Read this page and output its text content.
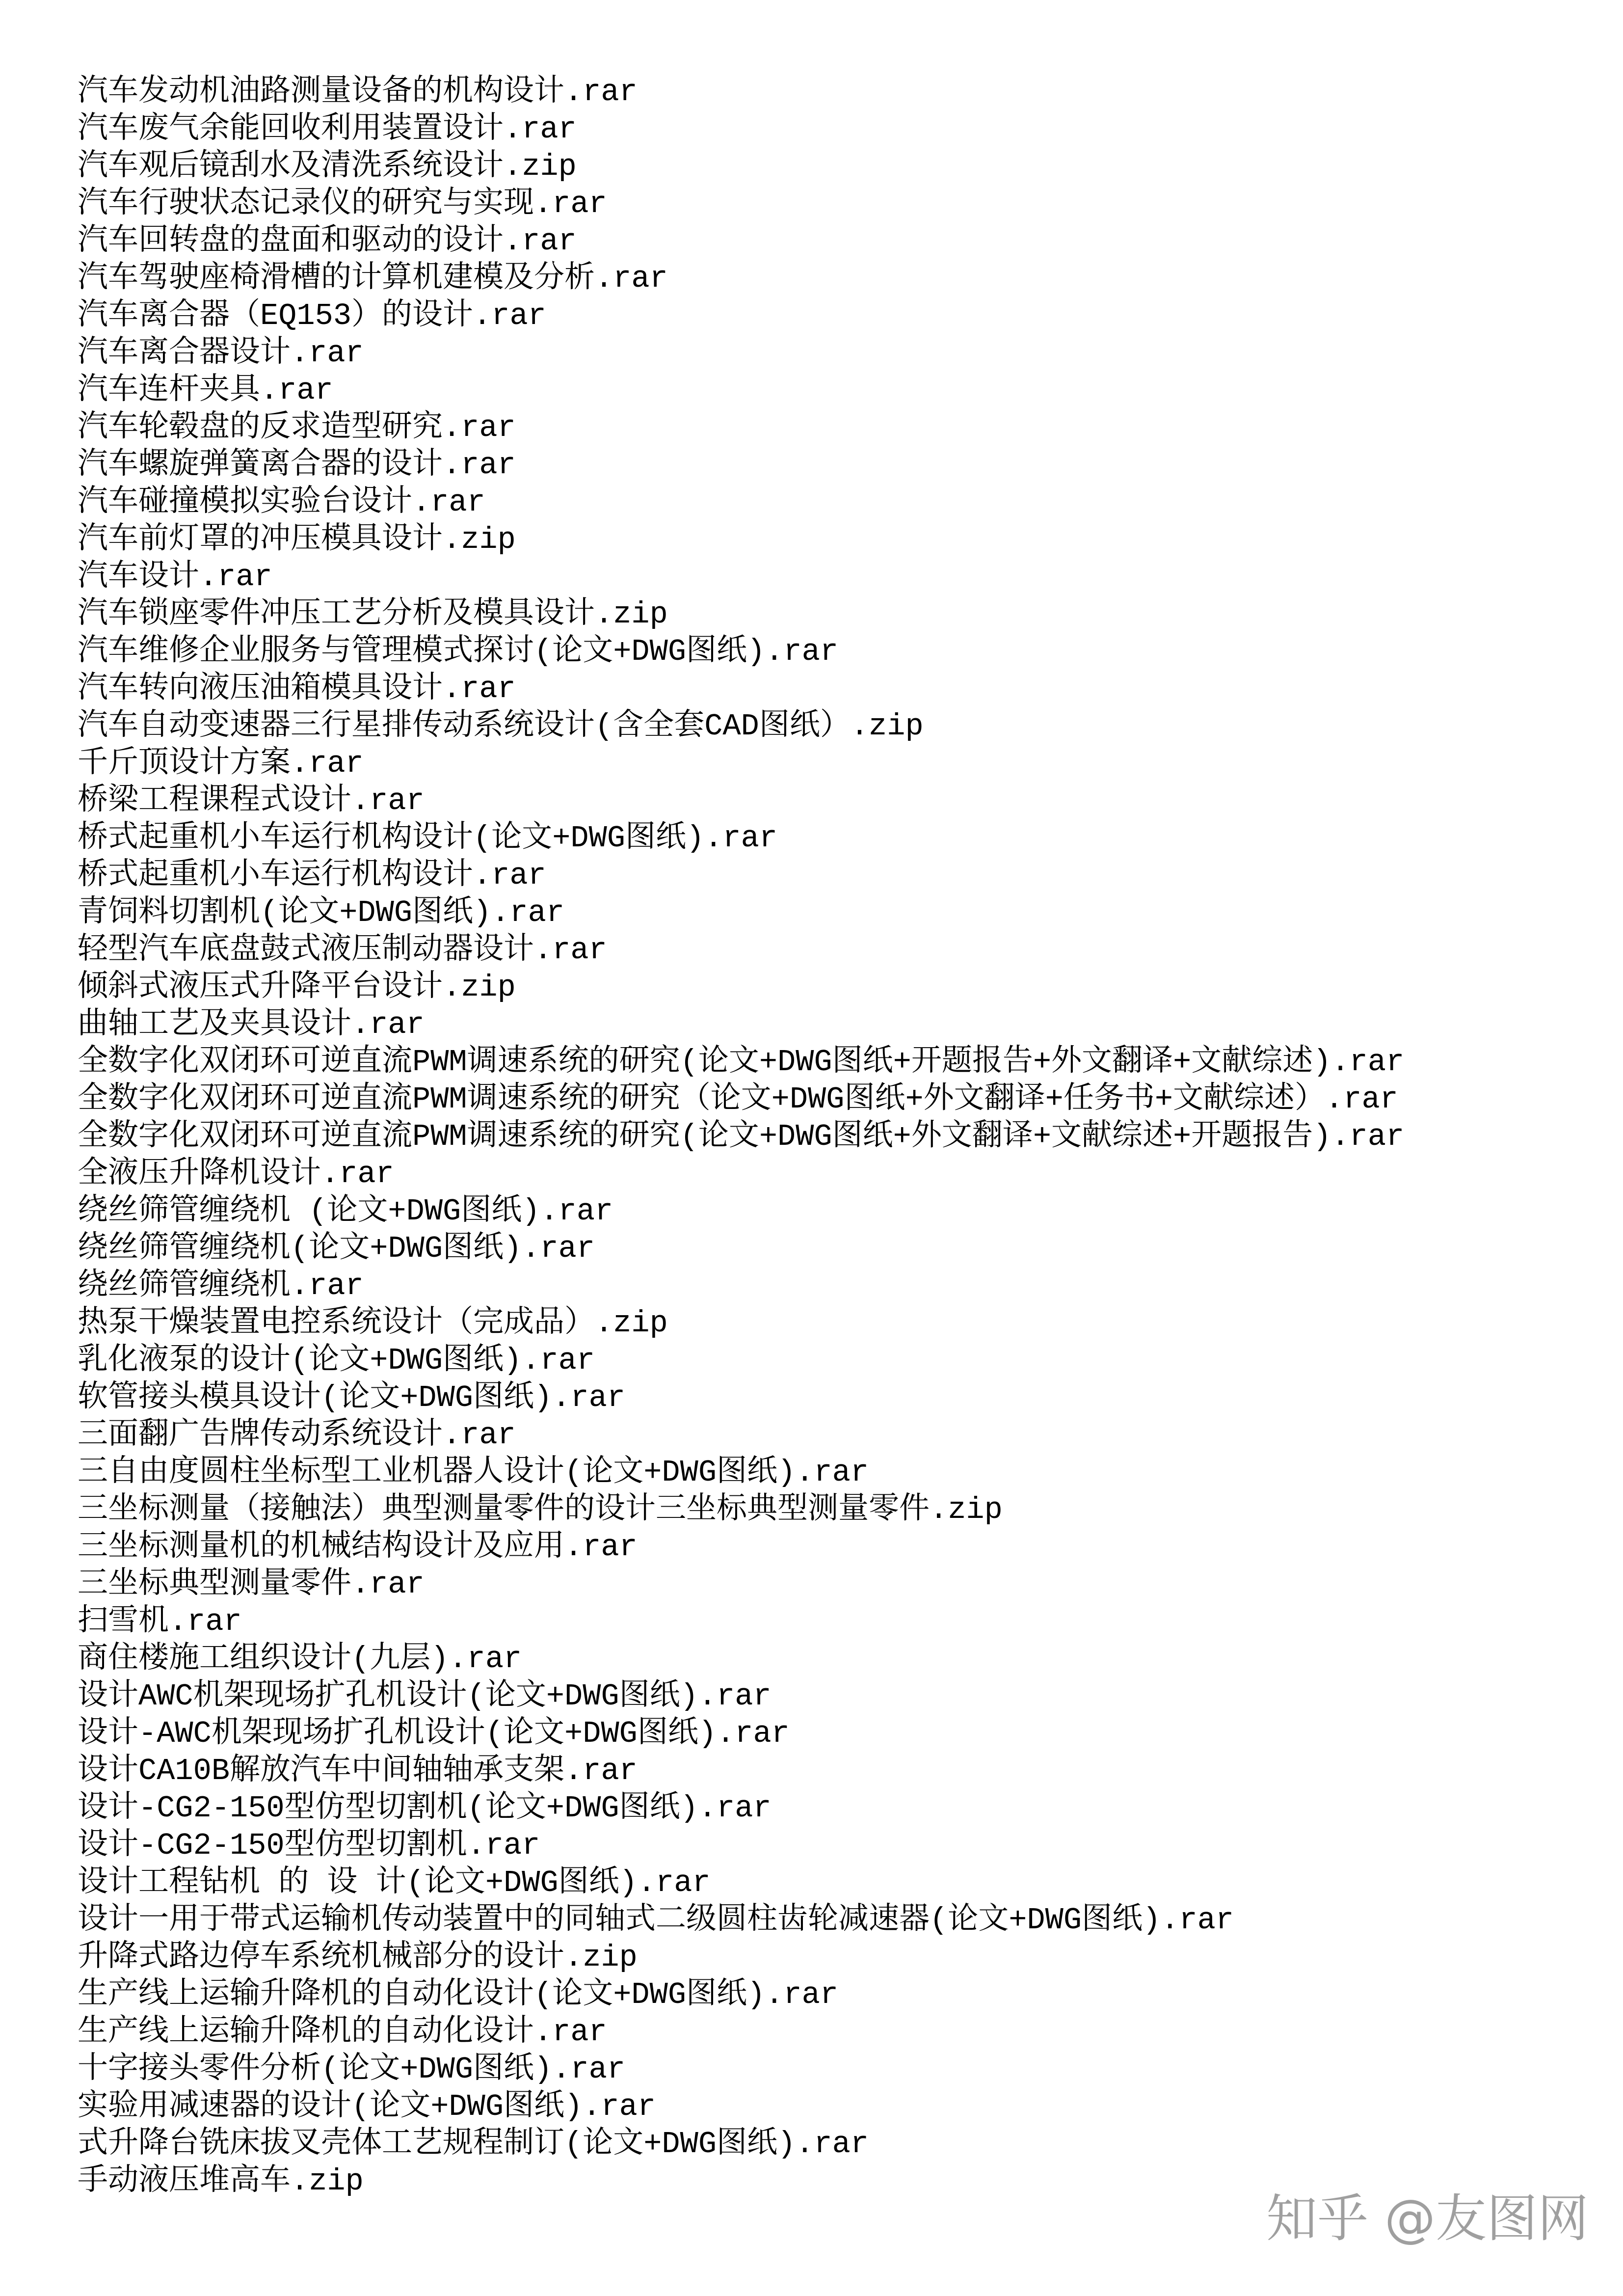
汽车发动机油路测量设备的机构设计.rar
汽车废气余能回收利用装置设计.rar
汽车观后镜刮水及清洗系统设计.zip
汽车行驶状态记录仪的研究与实现.rar
汽车回转盘的盘面和驱动的设计.rar
汽车驾驶座椅滑槽的计算机建模及分析.rar
汽车离合器（EQ153）的设计.rar
汽车离合器设计.rar
汽车连杆夹具.rar
汽车轮毂盘的反求造型研究.rar
汽车螺旋弹簧离合器的设计.rar
汽车碰撞模拟实验台设计.rar
汽车前灯罩的冲压模具设计.zip
汽车设计.rar
汽车锁座零件冲压工艺分析及模具设计.zip
汽车维修企业服务与管理模式探讨(论文+DWG图纸).rar
汽车转向液压油箱模具设计.rar
汽车自动变速器三行星排传动系统设计(含全套CAD图纸）.zip
千斤顶设计方案.rar
桥梁工程课程式设计.rar
桥式起重机小车运行机构设计(论文+DWG图纸).rar
桥式起重机小车运行机构设计.rar
青饲料切割机(论文+DWG图纸).rar
轻型汽车底盘鼓式液压制动器设计.rar
倾斜式液压式升降平台设计.zip
曲轴工艺及夹具设计.rar
全数字化双闭环可逆直流PWM调速系统的研究(论文+DWG图纸+开题报告+外文翻译+文献综述).rar
全数字化双闭环可逆直流PWM调速系统的研究（论文+DWG图纸+外文翻译+任务书+文献综述）.rar
全数字化双闭环可逆直流PWM调速系统的研究(论文+DWG图纸+外文翻译+文献综述+开题报告).rar
全液压升降机设计.rar
绕丝筛管缠绕机 (论文+DWG图纸).rar
绕丝筛管缠绕机(论文+DWG图纸).rar
绕丝筛管缠绕机.rar
热泵干燥装置电控系统设计（完成品）.zip
乳化液泵的设计(论文+DWG图纸).rar
软管接头模具设计(论文+DWG图纸).rar
三面翻广告牌传动系统设计.rar
三自由度圆柱坐标型工业机器人设计(论文+DWG图纸).rar
三坐标测量（接触法）典型测量零件的设计三坐标典型测量零件.zip
三坐标测量机的机械结构设计及应用.rar
三坐标典型测量零件.rar
扫雪机.rar
商住楼施工组织设计(九层).rar
设计AWC机架现场扩孔机设计(论文+DWG图纸).rar
设计-AWC机架现场扩孔机设计(论文+DWG图纸).rar
设计CA10B解放汽车中间轴轴承支架.rar
设计-CG2-150型仿型切割机(论文+DWG图纸).rar
设计-CG2-150型仿型切割机.rar
设计工程钻机 的 设 计(论文+DWG图纸).rar
设计一用于带式运输机传动装置中的同轴式二级圆柱齿轮减速器(论文+DWG图纸).rar
升降式路边停车系统机械部分的设计.zip
生产线上运输升降机的自动化设计(论文+DWG图纸).rar
生产线上运输升降机的自动化设计.rar
十字接头零件分析(论文+DWG图纸).rar
实验用减速器的设计(论文+DWG图纸).rar
式升降台铣床拔叉壳体工艺规程制订(论文+DWG图纸).rar
手动液压堆高车.zip
知乎 @友图网
